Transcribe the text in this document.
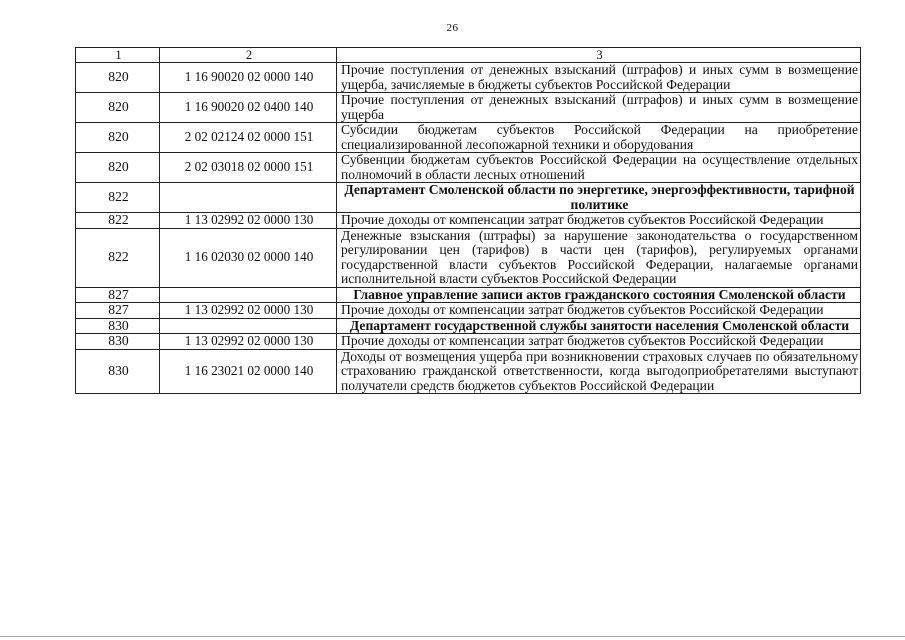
26
1	2	3
820	1 16 90020 02 0000 140	Прочие поступления от денежных взысканий (штрафов) и иных сумм в возмещение ущерба, зачисляемые в бюджеты субъектов Российской Федерации
820	1 16 90020 02 0400 140	Прочие поступления от денежных взысканий (штрафов) и иных сумм в возмещение ущерба
820	2 02 02124 02 0000 151	Субсидии бюджетам субъектов Российской Федерации на приобретение специализированной лесопожарной техники и оборудования
820	2 02 03018 02 0000 151	Субвенции бюджетам субъектов Российской Федерации на осуществление отдельных полномочий в области лесных отношений
822		Департамент Смоленской области по энергетике, энергоэффективности, тарифной политике
822	1 13 02992 02 0000 130	Прочие доходы от компенсации затрат бюджетов субъектов Российской Федерации
822	1 16 02030 02 0000 140	Денежные взыскания (штрафы) за нарушение законодательства о государственном регулировании цен (тарифов) в части цен (тарифов), регулируемых органами государственной власти субъектов Российской Федерации, налагаемые органами исполнительной власти субъектов Российской Федерации
827		Главное управление записи актов гражданского состояния Смоленской области
827	1 13 02992 02 0000 130	Прочие доходы от компенсации затрат бюджетов субъектов Российской Федерации
830		Департамент государственной службы занятости населения Смоленской области
830	1 13 02992 02 0000 130	Прочие доходы от компенсации затрат бюджетов субъектов Российской Федерации
830	1 16 23021 02 0000 140	Доходы от возмещения ущерба при возникновении страховых случаев по обязательному страхованию гражданской ответственности, когда выгодоприобретателями выступают получатели средств бюджетов субъектов Российской Федерации
